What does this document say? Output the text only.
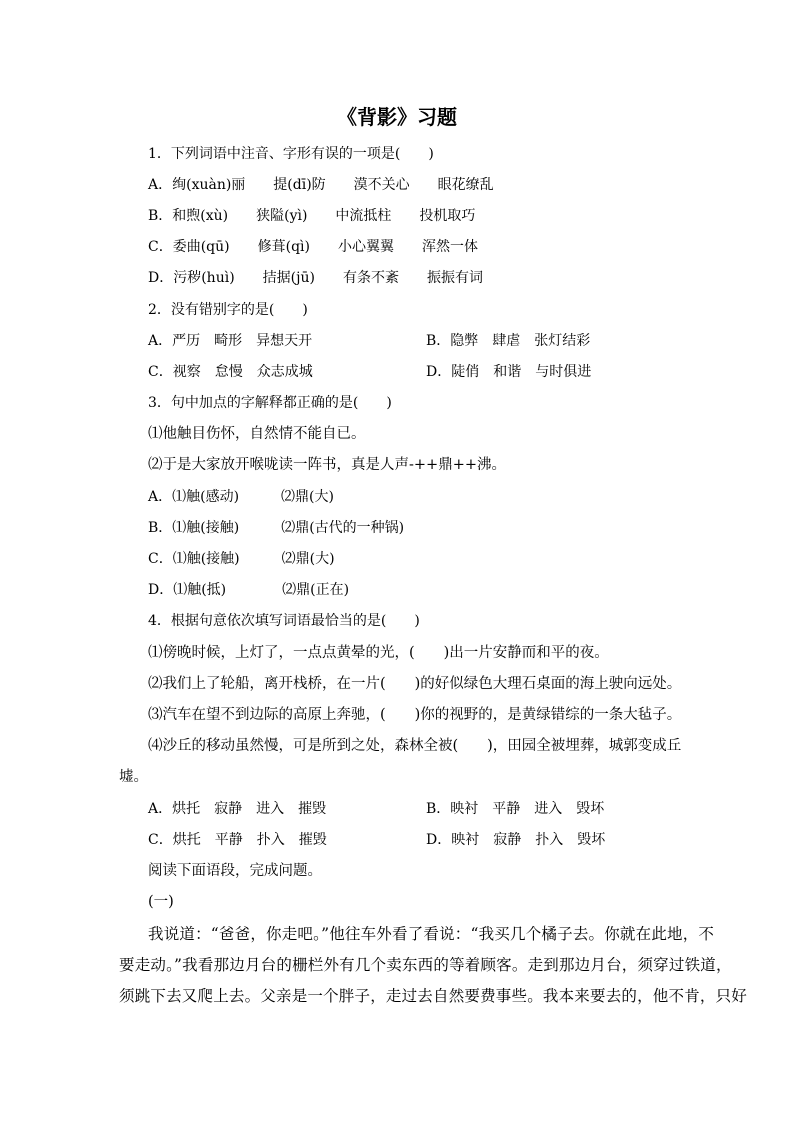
《背影》习题
1．下列词语中注音、字形有误的一项是(　　)
A．绚(xuàn)丽　　提(dī)防　　漠不关心　　眼花缭乱
B．和煦(xù)　　狭隘(yì)　　中流抵柱　　投机取巧
C．委曲(qū)　　修葺(qì)　　小心翼翼　　浑然一体
D．污秽(huì)　　拮据(jū)　　有条不紊　　振振有词
2．没有错别字的是(　　)
A．严历　畸形　异想天开	B．隐弊　肆虐　张灯结彩
C．视察　怠慢　众志成城	D．陡俏　和谐　与时俱进
3．句中加点的字解释都正确的是(　　)
⑴他触目伤怀，自然情不能自已。
⑵于是大家放开喉咙读一阵书，真是人声-++鼎++沸。
A．⑴触(感动)　　　⑵鼎(大)
B．⑴触(接触)　　　⑵鼎(古代的一种锅)
C．⑴触(接触)　　　⑵鼎(大)
D．⑴触(抵)　　　　⑵鼎(正在)
4．根据句意依次填写词语最恰当的是(　　)
⑴傍晚时候，上灯了，一点点黄晕的光，(　　)出一片安静而和平的夜。
⑵我们上了轮船，离开栈桥，在一片(　　)的好似绿色大理石桌面的海上驶向远处。
⑶汽车在望不到边际的高原上奔驰，(　　)你的视野的，是黄绿错综的一条大毡子。
⑷沙丘的移动虽然慢，可是所到之处，森林全被(　　)，田园全被埋葬，城郭变成丘
墟。
A．烘托　寂静　进入　摧毁	B．映衬　平静　进入　毁坏
C．烘托　平静　扑入　摧毁	D．映衬　寂静　扑入　毁坏
阅读下面语段，完成问题。
(一)
我说道：“爸爸，你走吧。”他往车外看了看说：“我买几个橘子去。你就在此地，不
要走动。”我看那边月台的栅栏外有几个卖东西的等着顾客。走到那边月台，须穿过铁道，
须跳下去又爬上去。父亲是一个胖子，走过去自然要费事些。我本来要去的，他不肯，只好
